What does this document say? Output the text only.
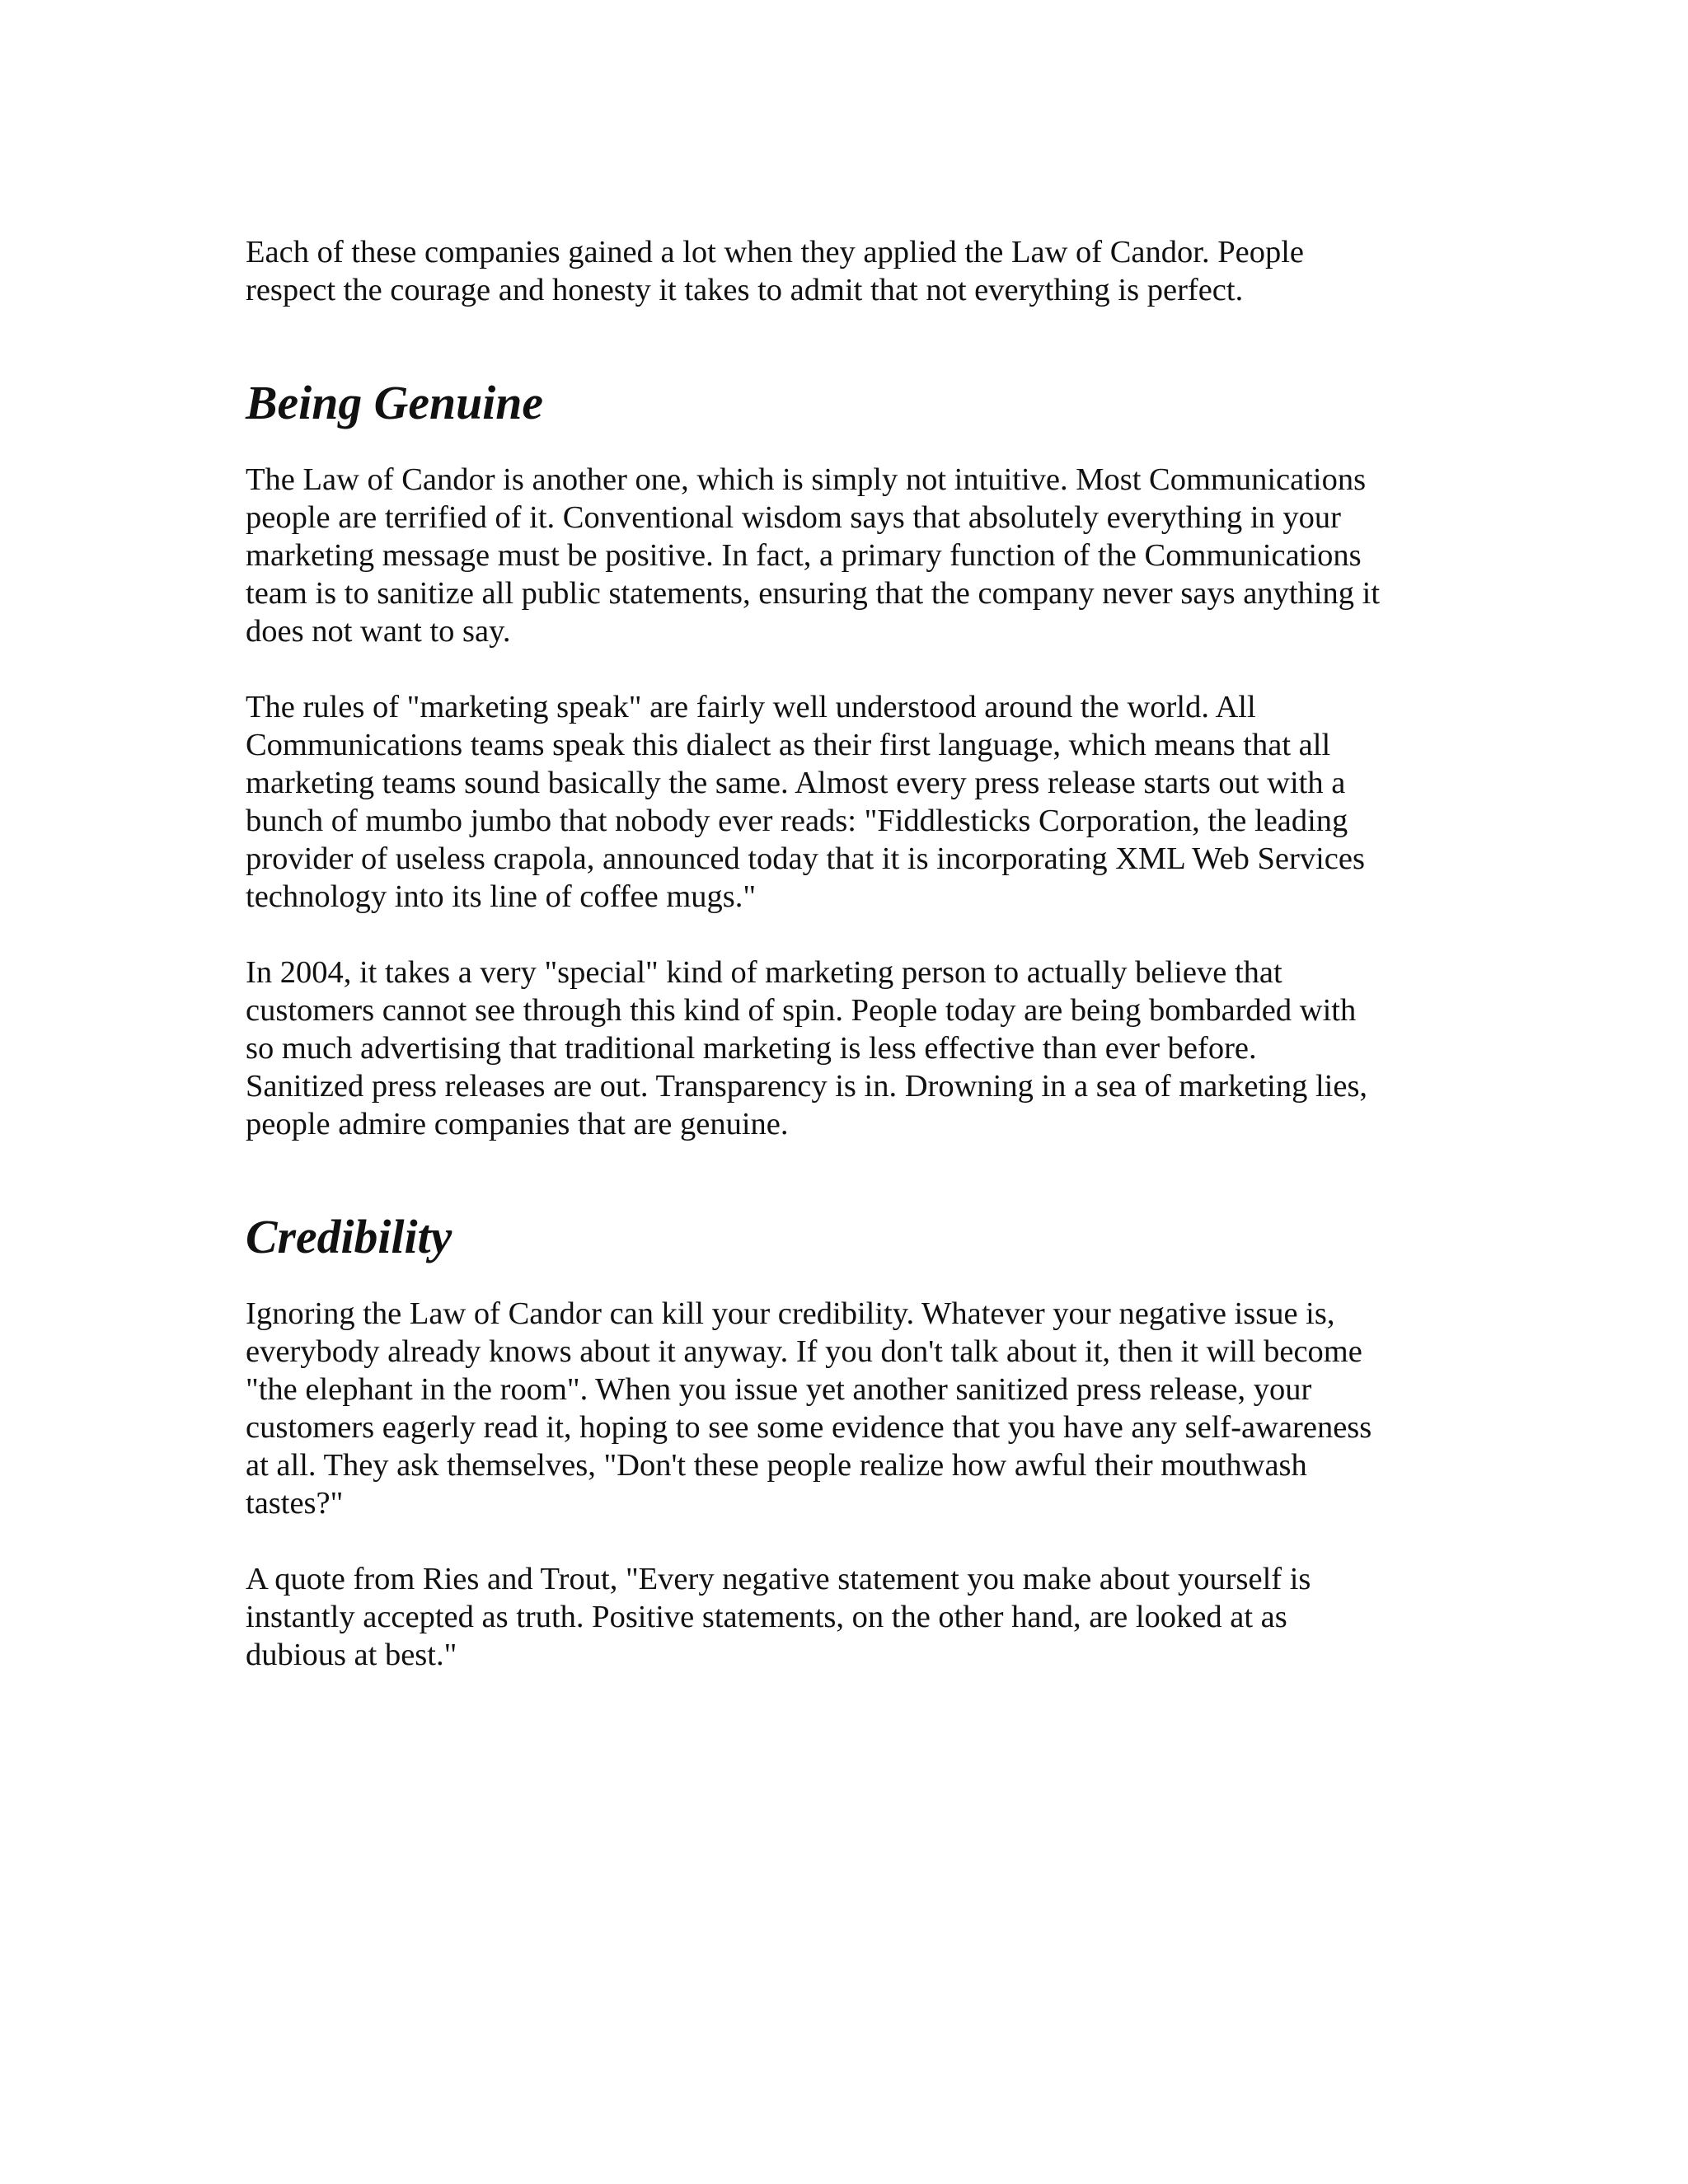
Each of these companies gained a lot when they applied the Law of Candor. People
respect the courage and honesty it takes to admit that not everything is perfect.

Being Genuine

The Law of Candor is another one, which is simply not intuitive. Most Communications
people are terrified of it. Conventional wisdom says that absolutely everything in your
marketing message must be positive. In fact, a primary function of the Communications
team is to sanitize all public statements, ensuring that the company never says anything it
does not want to say.

The rules of "marketing speak" are fairly well understood around the world. All
Communications teams speak this dialect as their first language, which means that all
marketing teams sound basically the same. Almost every press release starts out with a
bunch of mumbo jumbo that nobody ever reads: "Fiddlesticks Corporation, the leading
provider of useless crapola, announced today that it is incorporating XML Web Services
technology into its line of coffee mugs."

In 2004, it takes a very "special" kind of marketing person to actually believe that
customers cannot see through this kind of spin. People today are being bombarded with
so much advertising that traditional marketing is less effective than ever before.
Sanitized press releases are out. Transparency is in. Drowning in a sea of marketing lies,
people admire companies that are genuine.

Credibility

Ignoring the Law of Candor can kill your credibility. Whatever your negative issue is,
everybody already knows about it anyway. If you don't talk about it, then it will become
"the elephant in the room". When you issue yet another sanitized press release, your
customers eagerly read it, hoping to see some evidence that you have any self-awareness
at all. They ask themselves, "Don't these people realize how awful their mouthwash
tastes?"

A quote from Ries and Trout, "Every negative statement you make about yourself is
instantly accepted as truth. Positive statements, on the other hand, are looked at as
dubious at best."
